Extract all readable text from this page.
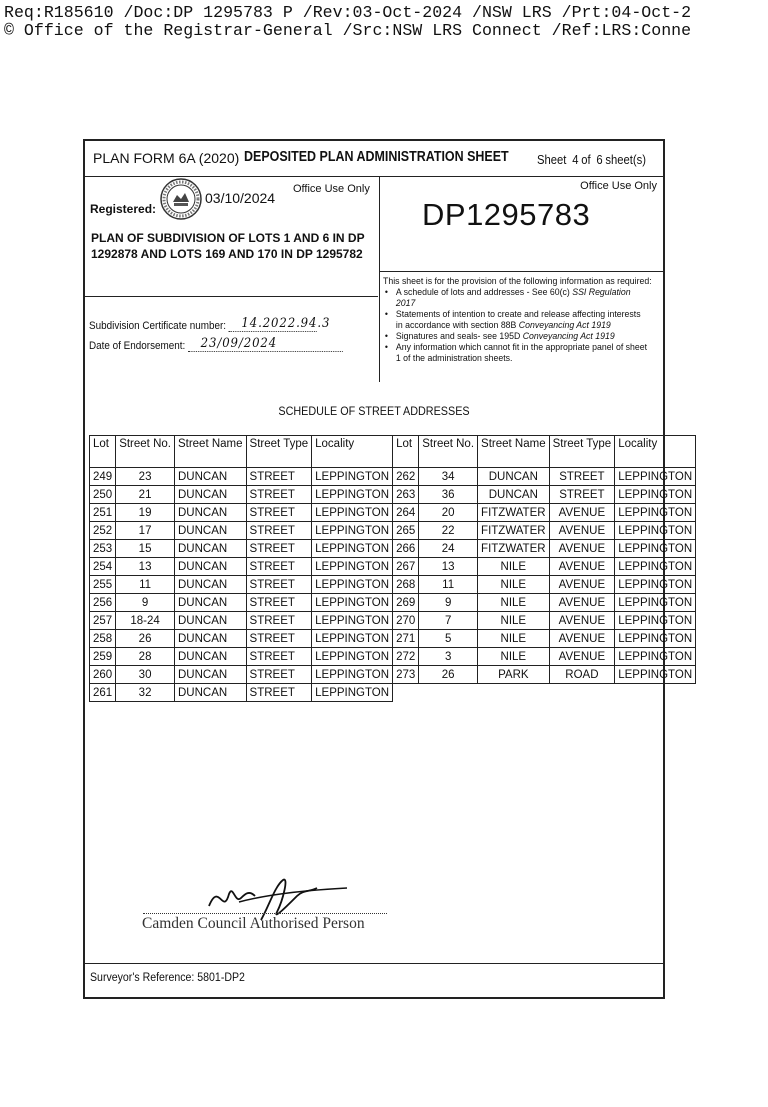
Req:R185610 /Doc:DP 1295783 P /Rev:03-Oct-2024 /NSW LRS /Prt:04-Oct-2
© Office of the Registrar-General /Src:NSW LRS Connect /Ref:LRS:Conne
PLAN FORM 6A (2020) DEPOSITED PLAN ADMINISTRATION SHEET Sheet 4 of 6 sheet(s)
Registered:
03/10/2024
Office Use Only
PLAN OF SUBDIVISION OF LOTS 1 AND 6 IN DP 1292878 AND LOTS 169 AND 170 IN DP 1295782
Subdivision Certificate number: 14.2022.94.3
Date of Endorsement: 23/09/2024
Office Use Only
DP1295783
This sheet is for the provision of the following information as required:
• A schedule of lots and addresses - See 60(c) SSI Regulation
2017
• Statements of intention to create and release affecting interests
in accordance with section 88B Conveyancing Act 1919
• Signatures and seals- see 195D Conveyancing Act 1919
• Any information which cannot fit in the appropriate panel of sheet
1 of the administration sheets.
SCHEDULE OF STREET ADDRESSES
Lot	Street No.	Street Name	Street Type	Locality	Lot	Street No.	Street Name	Street Type	Locality
249	23	DUNCAN	STREET	LEPPINGTON	262	34	DUNCAN	STREET	LEPPINGTON
250	21	DUNCAN	STREET	LEPPINGTON	263	36	DUNCAN	STREET	LEPPINGTON
251	19	DUNCAN	STREET	LEPPINGTON	264	20	FITZWATER	AVENUE	LEPPINGTON
252	17	DUNCAN	STREET	LEPPINGTON	265	22	FITZWATER	AVENUE	LEPPINGTON
253	15	DUNCAN	STREET	LEPPINGTON	266	24	FITZWATER	AVENUE	LEPPINGTON
254	13	DUNCAN	STREET	LEPPINGTON	267	13	NILE	AVENUE	LEPPINGTON
255	11	DUNCAN	STREET	LEPPINGTON	268	11	NILE	AVENUE	LEPPINGTON
256	9	DUNCAN	STREET	LEPPINGTON	269	9	NILE	AVENUE	LEPPINGTON
257	18-24	DUNCAN	STREET	LEPPINGTON	270	7	NILE	AVENUE	LEPPINGTON
258	26	DUNCAN	STREET	LEPPINGTON	271	5	NILE	AVENUE	LEPPINGTON
259	28	DUNCAN	STREET	LEPPINGTON	272	3	NILE	AVENUE	LEPPINGTON
260	30	DUNCAN	STREET	LEPPINGTON	273	26	PARK	ROAD	LEPPINGTON
261	32	DUNCAN	STREET	LEPPINGTON					
Camden Council Authorised Person
Surveyor's Reference: 5801-DP2
